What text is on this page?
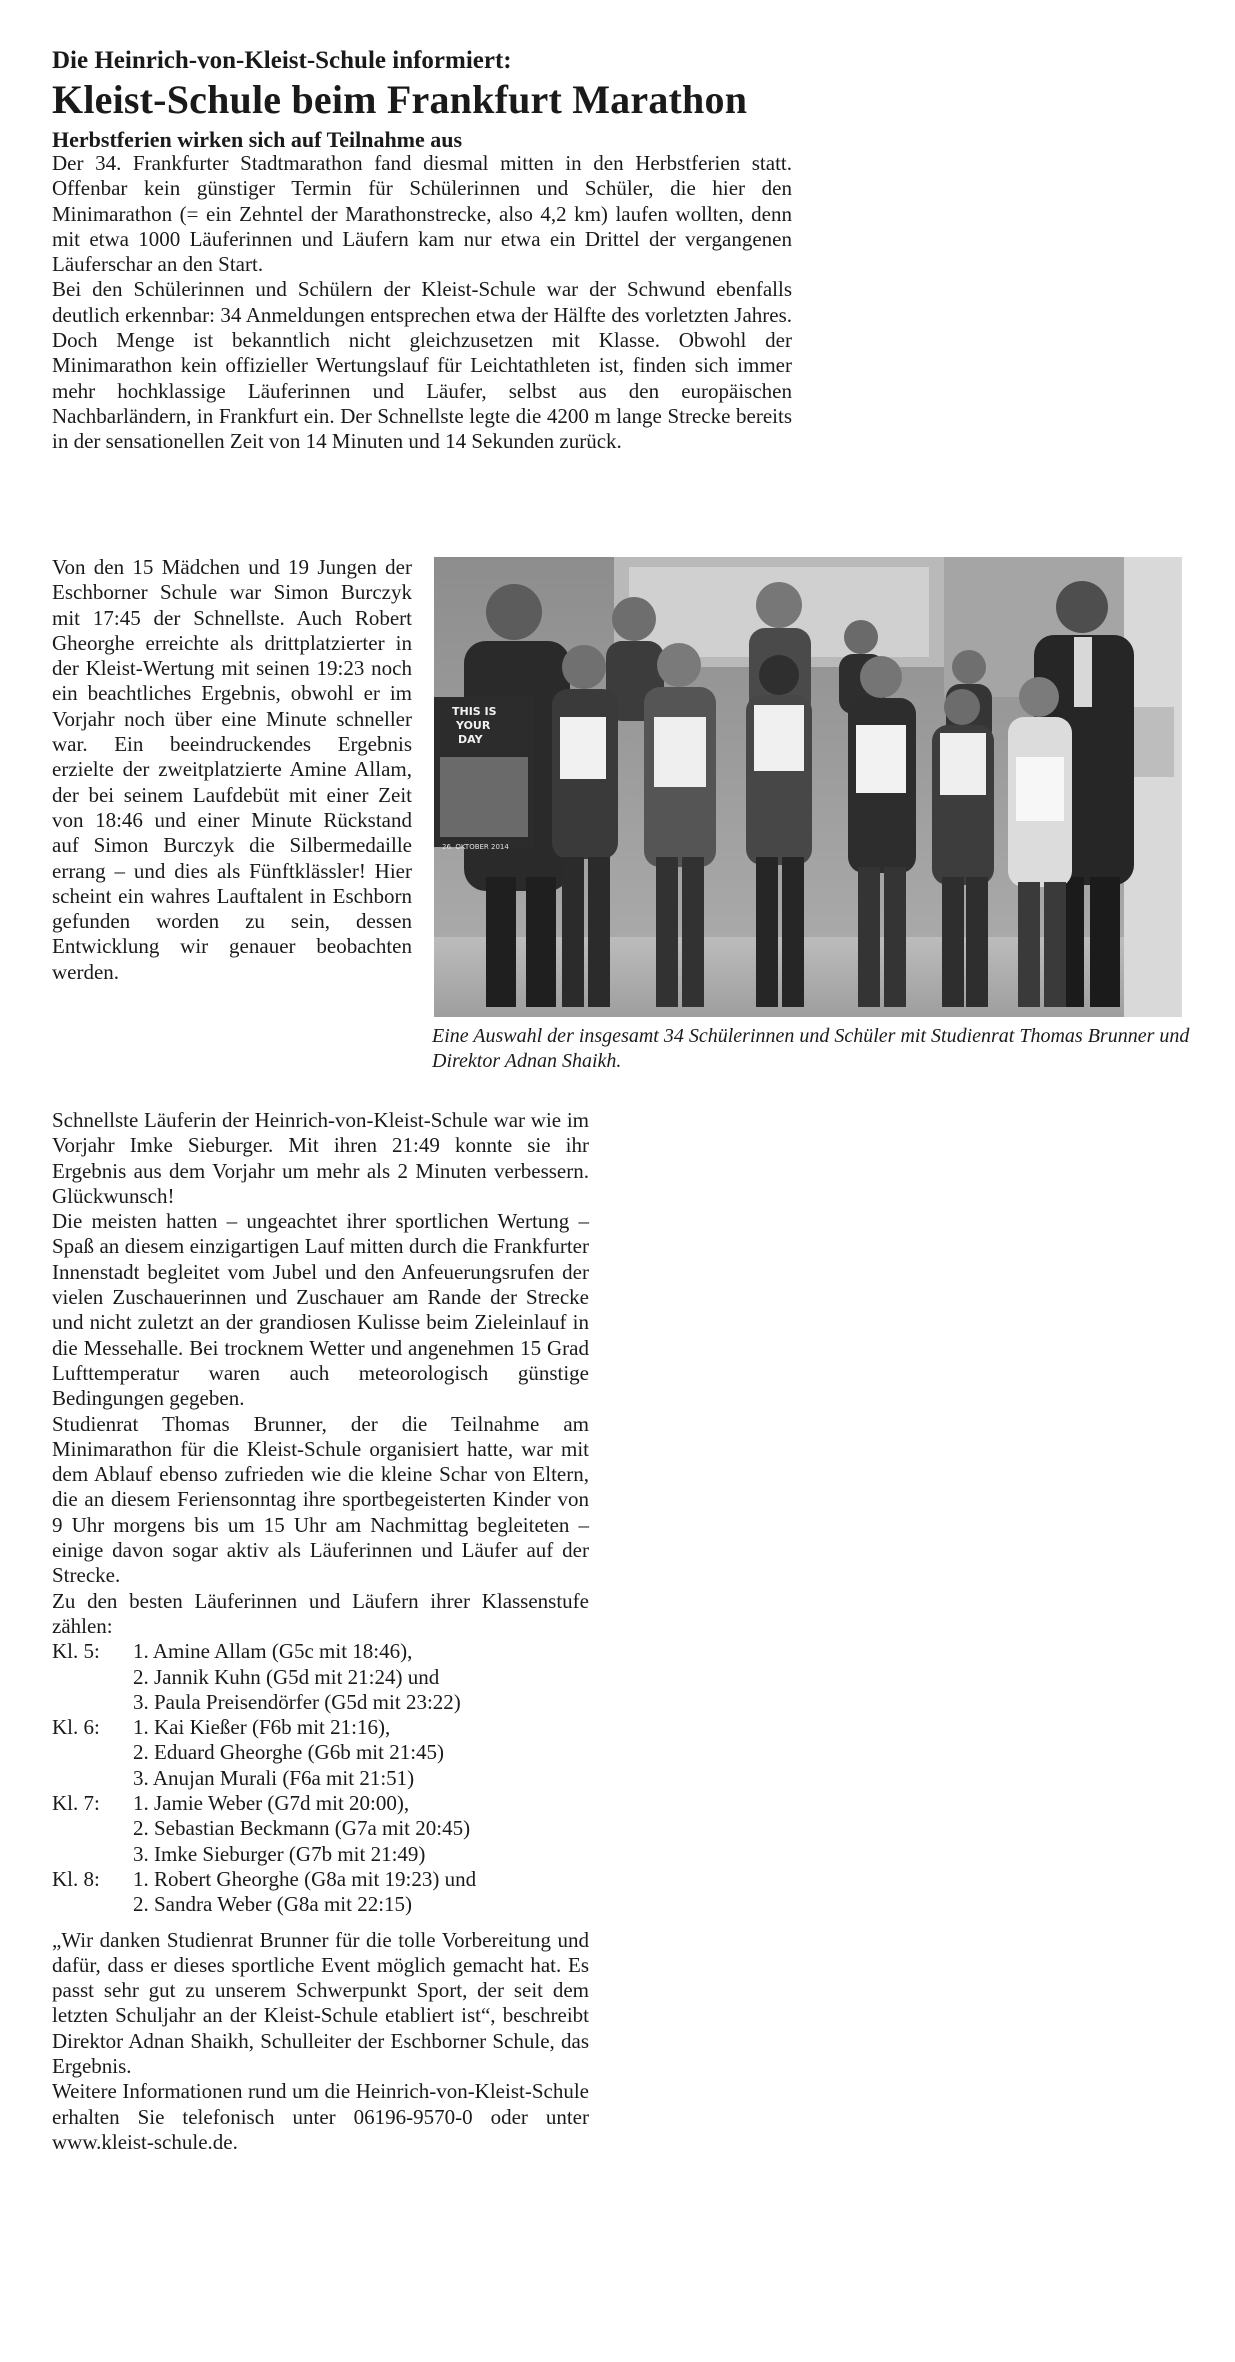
Die Heinrich-von-Kleist-Schule informiert:
Kleist-Schule beim Frankfurt Marathon
Herbstferien wirken sich auf Teilnahme aus

Der 34. Frankfurter Stadtmarathon fand diesmal mitten in den Herbstferien statt. Offenbar kein günstiger Termin für Schülerinnen und Schüler, die hier den Minimarathon (= ein Zehntel der Marathonstrecke, also 4,2 km) laufen wollten, denn mit etwa 1000 Läuferinnen und Läufern kam nur etwa ein Drittel der vergangenen Läuferschar an den Start.

Bei den Schülerinnen und Schülern der Kleist-Schule war der Schwund ebenfalls deutlich erkennbar: 34 Anmeldungen entsprechen etwa der Hälfte des vorletzten Jahres. Doch Menge ist bekanntlich nicht gleichzusetzen mit Klasse. Obwohl der Minimarathon kein offizieller Wertungslauf für Leichtathleten ist, finden sich immer mehr hochklassige Läuferinnen und Läufer, selbst aus den europäischen Nachbarländern, in Frankfurt ein. Der Schnellste legte die 4200 m lange Strecke bereits in der sensationellen Zeit von 14 Minuten und 14 Sekunden zurück.

Von den 15 Mädchen und 19 Jungen der Eschborner Schule war Simon Burczyk mit 17:45 der Schnellste. Auch Robert Gheorghe erreichte als drittplatzierter in der Kleist-Wertung mit seinen 19:23 noch ein beachtliches Ergebnis, obwohl er im Vorjahr noch über eine Minute schneller war. Ein beeindruckendes Ergebnis erzielte der zweitplatzierte Amine Allam, der bei seinem Laufdebüt mit einer Zeit von 18:46 und einer Minute Rückstand auf Simon Burczyk die Silbermedaille errang – und dies als Fünftklässler! Hier scheint ein wahres Lauftalent in Eschborn gefunden worden zu sein, dessen Entwicklung wir genauer beobachten werden.

THIS IS
YOUR
DAY
26. OKTOBER 2014
Eine Auswahl der insgesamt 34 Schülerinnen und Schüler mit Studienrat Thomas Brunner und Direktor Adnan Shaikh.

Schnellste Läuferin der Heinrich-von-Kleist-Schule war wie im Vorjahr Imke Sieburger. Mit ihren 21:49 konnte sie ihr Ergebnis aus dem Vorjahr um mehr als 2 Minuten verbessern. Glückwunsch!

Die meisten hatten – ungeachtet ihrer sportlichen Wertung – Spaß an diesem einzigartigen Lauf mitten durch die Frankfurter Innenstadt begleitet vom Jubel und den Anfeuerungsrufen der vielen Zuschauerinnen und Zuschauer am Rande der Strecke und nicht zuletzt an der grandiosen Kulisse beim Zieleinlauf in die Messehalle. Bei trocknem Wetter und angenehmen 15 Grad Lufttemperatur waren auch meteorologisch günstige Bedingungen gegeben.

Studienrat Thomas Brunner, der die Teilnahme am Minimarathon für die Kleist-Schule organisiert hatte, war mit dem Ablauf ebenso zufrieden wie die kleine Schar von Eltern, die an diesem Feriensonntag ihre sportbegeisterten Kinder von 9 Uhr morgens bis um 15 Uhr am Nachmittag begleiteten – einige davon sogar aktiv als Läuferinnen und Läufer auf der Strecke.

Zu den besten Läuferinnen und Läufern ihrer Klassenstufe zählen:

Kl. 5:	1. Amine Allam (G5c mit 18:46),
2. Jannik Kuhn (G5d mit 21:24) und
3. Paula Preisendörfer (G5d mit 23:22)
Kl. 6:	1. Kai Kießer (F6b mit 21:16),
2. Eduard Gheorghe (G6b mit 21:45)
3. Anujan Murali (F6a mit 21:51)
Kl. 7:	1. Jamie Weber (G7d mit 20:00),
2. Sebastian Beckmann (G7a mit 20:45)
3. Imke Sieburger (G7b mit 21:49)
Kl. 8:	1. Robert Gheorghe (G8a mit 19:23) und
2. Sandra Weber (G8a mit 22:15)

„Wir danken Studienrat Brunner für die tolle Vorbereitung und dafür, dass er dieses sportliche Event möglich gemacht hat. Es passt sehr gut zu unserem Schwerpunkt Sport, der seit dem letzten Schuljahr an der Kleist-Schule etabliert ist“, beschreibt Direktor Adnan Shaikh, Schulleiter der Eschborner Schule, das Ergebnis.

Weitere Informationen rund um die Heinrich-von-Kleist-Schule erhalten Sie telefonisch unter 06196-9570-0 oder unter www.kleist-schule.de.
